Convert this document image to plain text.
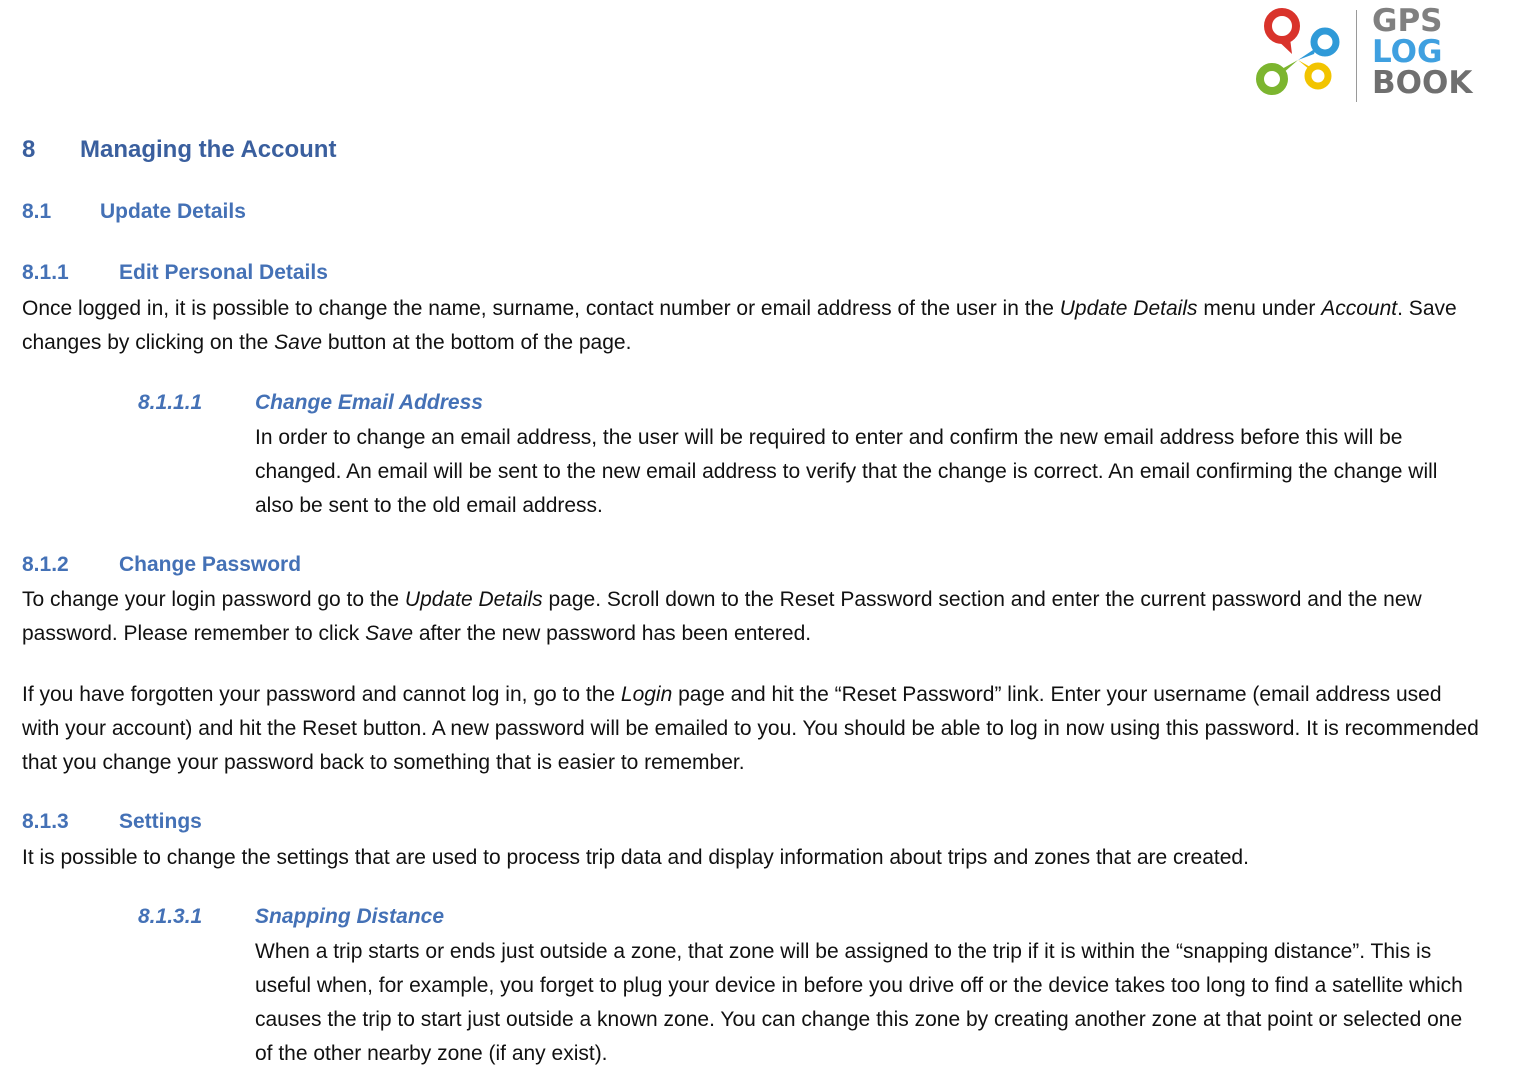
GPS
LOG
BOOK
8 Managing the Account
8.1 Update Details
8.1.1 Edit Personal Details

Once logged in, it is possible to change the name, surname, contact number or email address of the user in the Update Details menu under Account. Save changes by clicking on the Save button at the bottom of the page.

8.1.1.1	Change Email Address

In order to change an email address, the user will be required to enter and confirm the new email address before this will be changed. An email will be sent to the new email address to verify that the change is correct. An email confirming the change will also be sent to the old email address.

8.1.2 Change Password

To change your login password go to the Update Details page. Scroll down to the Reset Password section and enter the current password and the new password. Please remember to click Save after the new password has been entered.

If you have forgotten your password and cannot log in, go to the Login page and hit the “Reset Password” link. Enter your username (email address used with your account) and hit the Reset button. A new password will be emailed to you. You should be able to log in now using this password. It is recommended that you change your password back to something that is easier to remember.

8.1.3 Settings

It is possible to change the settings that are used to process trip data and display information about trips and zones that are created.

8.1.3.1	Snapping Distance

When a trip starts or ends just outside a zone, that zone will be assigned to the trip if it is within the “snapping distance”. This is useful when, for example, you forget to plug your device in before you drive off or the device takes too long to find a satellite which causes the trip to start just outside a known zone. You can change this zone by creating another zone at that point or selected one of the other nearby zone (if any exist).
